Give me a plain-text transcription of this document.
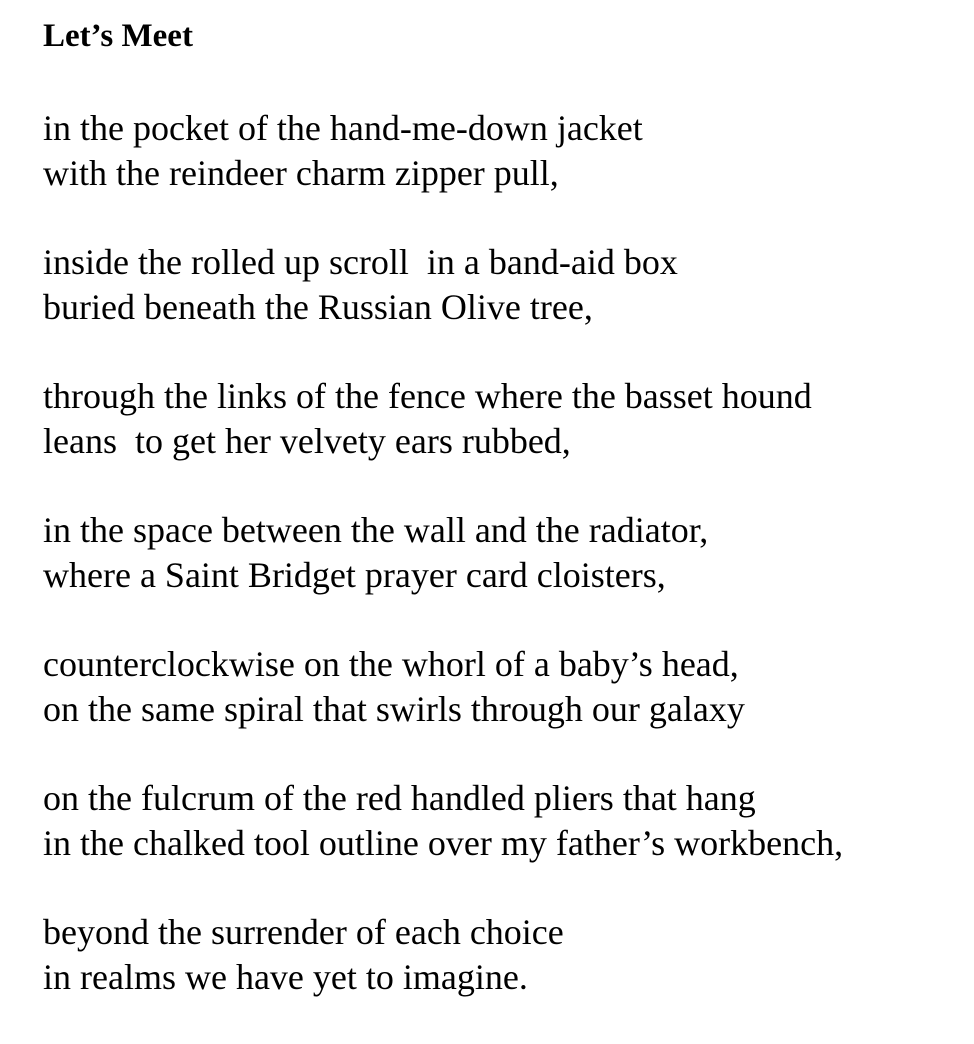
Let’s Meet
in the pocket of the hand-me-down jacket
with the reindeer charm zipper pull,
inside the rolled up scroll  in a band-aid box
buried beneath the Russian Olive tree,
through the links of the fence where the basset hound
leans  to get her velvety ears rubbed,
in the space between the wall and the radiator,
where a Saint Bridget prayer card cloisters,
counterclockwise on the whorl of a baby’s head,
on the same spiral that swirls through our galaxy
on the fulcrum of the red handled pliers that hang
in the chalked tool outline over my father’s workbench,
beyond the surrender of each choice
in realms we have yet to imagine.
